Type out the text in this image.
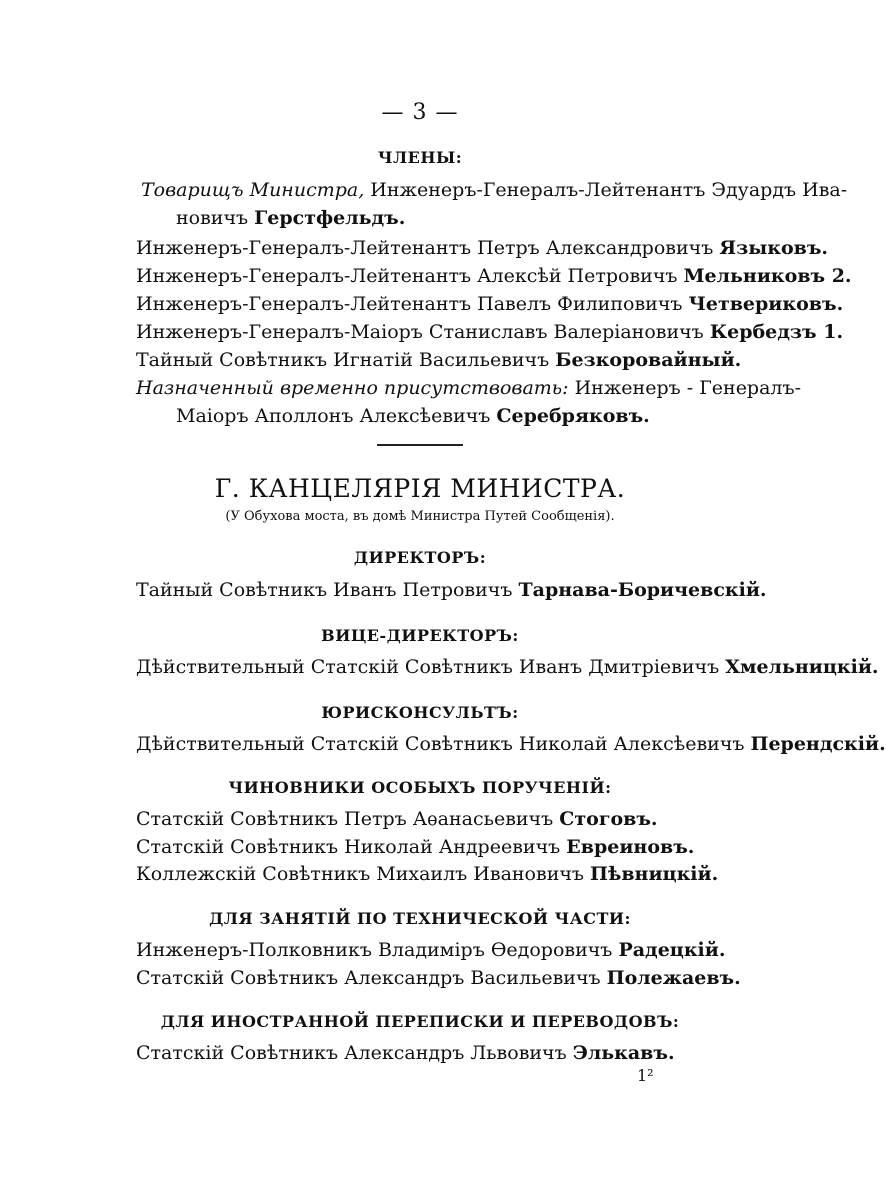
— 3 —
ЧЛЕНЫ:
Товарищъ Министра, Инженеръ-Генералъ-Лейтенантъ Эдуардъ Ива-
новичъ Герстфельдъ.
Инженеръ-Генералъ-Лейтенантъ Петръ Александровичъ Языковъ.
Инженеръ-Генералъ-Лейтенантъ Алексѣй Петровичъ Мельниковъ 2.
Инженеръ-Генералъ-Лейтенантъ Павелъ Филиповичъ Четвериковъ.
Инженеръ-Генералъ-Маіоръ Станиславъ Валеріановичъ Кербедзъ 1.
Тайный Совѣтникъ Игнатій Васильевичъ Безкоровайный.
Назначенный временно присутствовать: Инженеръ - Генералъ-
Маіоръ Аполлонъ Алексѣевичъ Серебряковъ.
Г. КАНЦЕЛЯРІЯ МИНИСТРА.
(У Обухова моста, въ домѣ Министра Путей Сообщенія).
ДИРЕКТОРЪ:
Тайный Совѣтникъ Иванъ Петровичъ Тарнава-Боричевскій.
ВИЦЕ-ДИРЕКТОРЪ:
Дѣйствительный Статскій Совѣтникъ Иванъ Дмитріевичъ Хмельницкій.
ЮРИСКОНСУЛЬТЪ:
Дѣйствительный Статскій Совѣтникъ Николай Алексѣевичъ Перендскій.
ЧИНОВНИКИ ОСОБЫХЪ ПОРУЧЕНІЙ:
Статскій Совѣтникъ Петръ Аѳанасьевичъ Стоговъ.
Статскій Совѣтникъ Николай Андреевичъ Евреиновъ.
Коллежскій Совѣтникъ Михаилъ Ивановичъ Пѣвницкій.
ДЛЯ ЗАНЯТІЙ ПО ТЕХНИЧЕСКОЙ ЧАСТИ:
Инженеръ-Полковникъ Владиміръ Ѳедоровичъ Радецкій.
Статскій Совѣтникъ Александръ Васильевичъ Полежаевъ.
ДЛЯ ИНОСТРАННОЙ ПЕРЕПИСКИ И ПЕРЕВОДОВЪ:
Статскій Совѣтникъ Александръ Львовичъ Элькавъ.
1²
